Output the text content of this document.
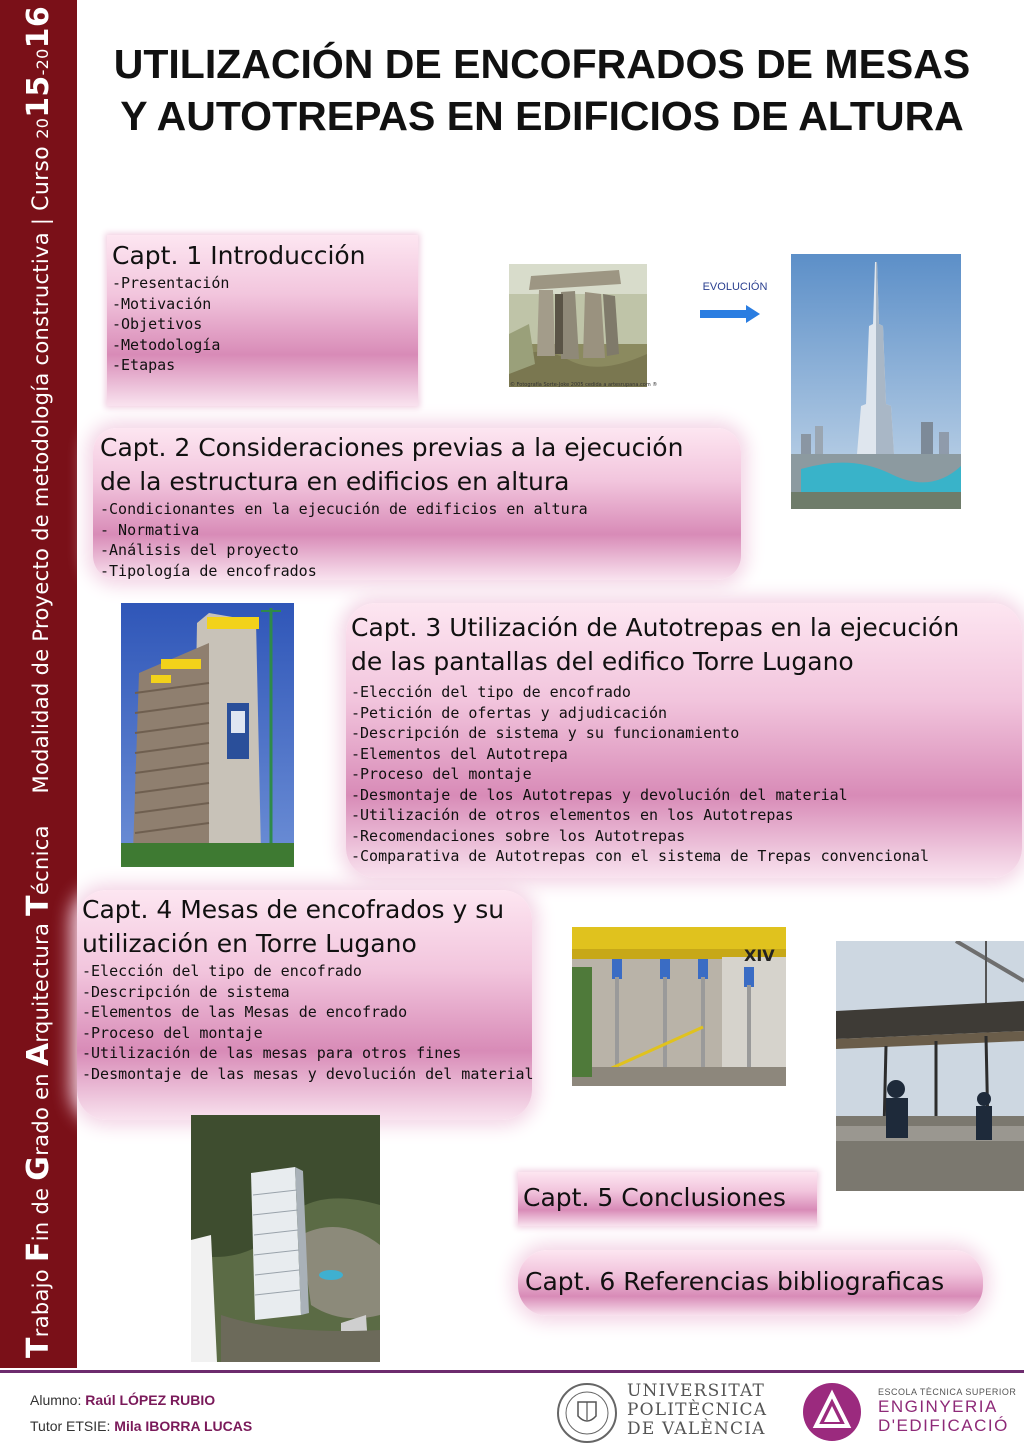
Trabajo Fin de Grado en Arquitectura Técnica
Modalidad de Proyecto de metodología constructiva | Curso 2015-2016
UTILIZACIÓN DE ENCOFRADOS DE MESAS Y AUTOTREPAS EN EDIFICIOS DE ALTURA
Capt. 1 Introducción
-Presentación
-Motivación
-Objetivos
-Metodología
-Etapas
© Fotografía Sorte-Joke 2005 cedida a artesrupana.com ®
EVOLUCIÓN
Capt. 2 Consideraciones previas a la ejecución
de la estructura en edificios en altura
-Condicionantes en la ejecución de edificios en altura
- Normativa
-Análisis del proyecto
-Tipología de encofrados
Capt. 3 Utilización de Autotrepas en la ejecución
de las pantallas del edifico Torre Lugano
-Elección del tipo de encofrado
-Petición de ofertas y adjudicación
-Descripción de sistema y su funcionamiento
-Elementos del Autotrepa
-Proceso del montaje
-Desmontaje de los Autotrepas y devolución del material
-Utilización de otros elementos en los Autotrepas
-Recomendaciones sobre los Autotrepas
-Comparativa de Autotrepas con el sistema de Trepas convencional
Capt. 4 Mesas de encofrados y su
utilización en Torre Lugano
-Elección del tipo de encofrado
-Descripción de sistema
-Elementos de las Mesas de encofrado
-Proceso del montaje
-Utilización de las mesas para otros fines
-Desmontaje de las mesas y devolución del material
XIV
Capt. 5 Conclusiones
Capt. 6 Referencias bibliograficas
Alumno: Raúl LÓPEZ RUBIO
Tutor ETSIE: Mila IBORRA LUCAS
UNIVERSITAT
POLITÈCNICA
DE VALÈNCIA
ESCOLA TÈCNICA SUPERIOR
ENGINYERIA
D'EDIFICACIÓ
